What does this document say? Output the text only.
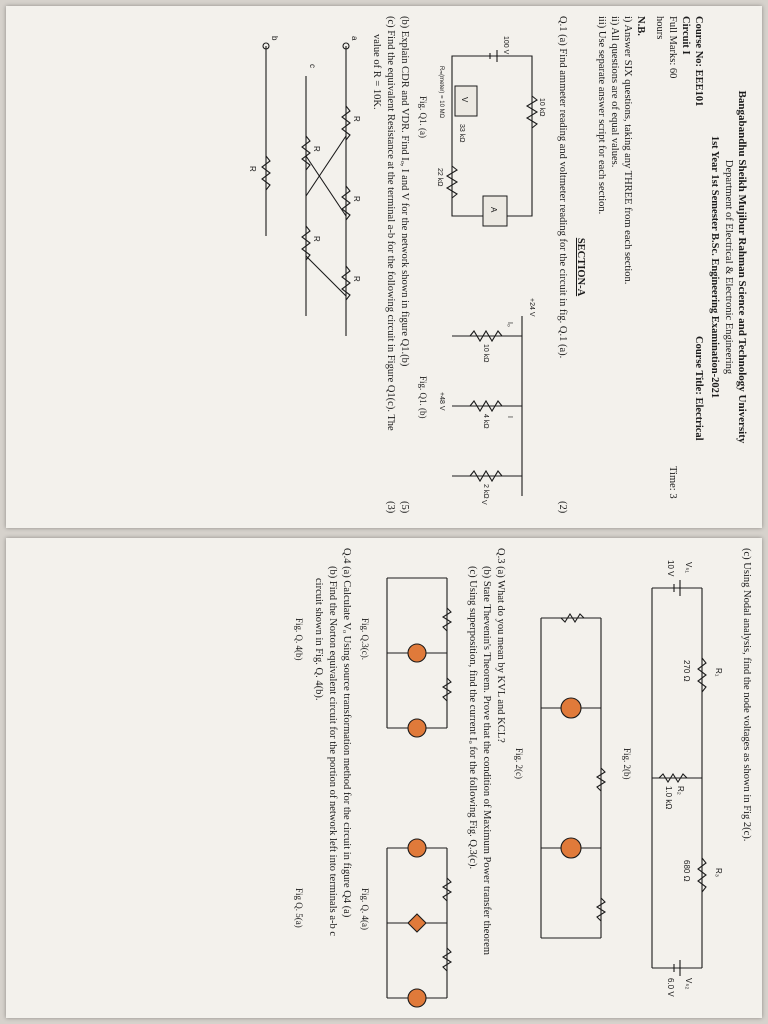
Bangabandhu Sheikh Mujibur Rahman Science and Technology University
Department of Electrical & Electronic Engineering
1st Year 1st Semester B.Sc. Engineering Examination-2021
Course No: EEE101
Course Title: Electrical
Circuit I
Full Marks: 60
Time: 3
hours
N.B.
i) Answer SIX questions, taking any THREE from each section.
ii) All questions are of equal values.
iii) Use separate answer script for each section.
SECTION-A
Q.1 (a) Find ammeter reading and voltmeter reading for the circuit in fig. Q.1 (a).
(2)
10 kΩ
22 kΩ
33 kΩ
100 V
A
V
Rₘ(meter) = 10 MΩ
Fig. Q1. (a)
+24 V
10 kΩ
4 kΩ
2 kΩ
+48 V
Iₒ
I
V
Fig. Q1. (b)
(b) Explain CDR and VDR. Find Iₒ, I and V for the network shown in figure Q1.(b)
(5)
(c) Find the equivalent Resistance at the terminal a-b for the following circuit in Figure Q1(c). The
(3)
value of R = 10K.
a
b
c
R
R
R
R
R
R
(c) Using Nodal analysis, find the node voltages as shown in Fig 2(c).
Vₛ₁
10 V
R₁
270 Ω
R₂
1.0 kΩ
R₃
680 Ω
Vₛ₂
6.0 V
Fig. 2(b)
Fig. 2(c)
Q.3 (a) What do you mean by KVL and KCL?
(b) State Thevenin's Theorem. Prove that the condition of Maximum Power transfer theorem
(c) Using superposition, find the current Iₒ for the following Fig. Q.3(c).
Fig. Q.3(c).
Fig. Q. 4(a)
Q.4 (a) Calculate Vₒ Using source transformation method for the circuit in figure Q4 (a)
(b) Find the Norton equivalent circuit for the portion of network left into terminals a-b c
circuit shown in Fig. Q. 4(b).
Fig. Q. 4(b)
Fig Q. 5(a)
